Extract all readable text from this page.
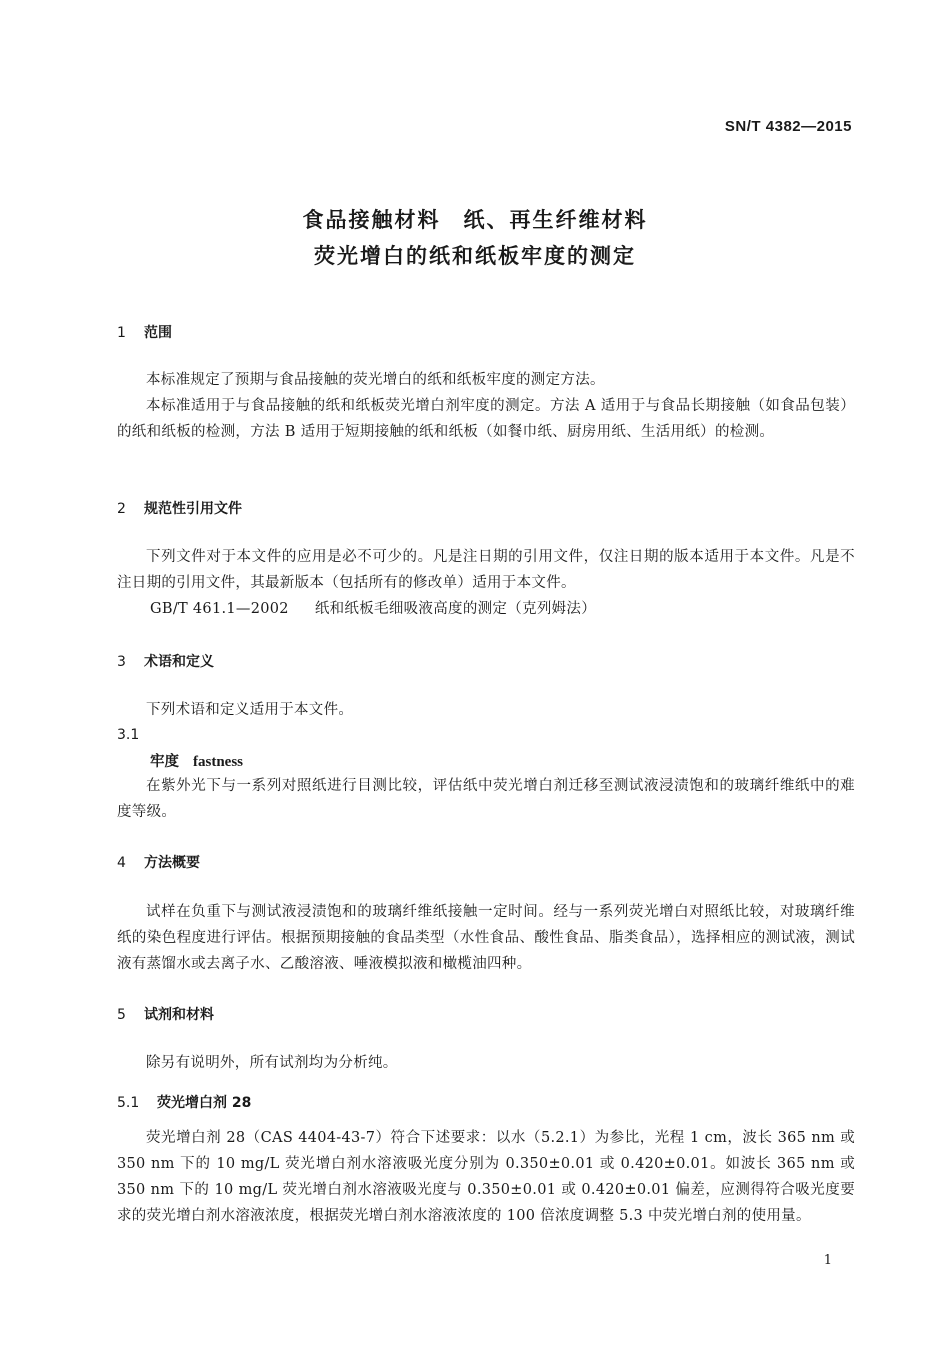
SN/T 4382—2015
食品接触材料　纸、再生纤维材料
荧光增白的纸和纸板牢度的测定
1 范围
本标准规定了预期与食品接触的荧光增白的纸和纸板牢度的测定方法。
本标准适用于与食品接触的纸和纸板荧光增白剂牢度的测定。方法 A 适用于与食品长期接触（如食品包装）的纸和纸板的检测，方法 B 适用于短期接触的纸和纸板（如餐巾纸、厨房用纸、生活用纸）的检测。
2 规范性引用文件
下列文件对于本文件的应用是必不可少的。凡是注日期的引用文件，仅注日期的版本适用于本文件。凡是不注日期的引用文件，其最新版本（包括所有的修改单）适用于本文件。
GB/T 461.1—2002 纸和纸板毛细吸液高度的测定（克列姆法）
3 术语和定义
下列术语和定义适用于本文件。
3.1
牢度 fastness
在紫外光下与一系列对照纸进行目测比较，评估纸中荧光增白剂迁移至测试液浸渍饱和的玻璃纤维纸中的难度等级。
4 方法概要
试样在负重下与测试液浸渍饱和的玻璃纤维纸接触一定时间。经与一系列荧光增白对照纸比较，对玻璃纤维纸的染色程度进行评估。根据预期接触的食品类型（水性食品、酸性食品、脂类食品），选择相应的测试液，测试液有蒸馏水或去离子水、乙酸溶液、唾液模拟液和橄榄油四种。
5 试剂和材料
除另有说明外，所有试剂均为分析纯。
5.1 荧光增白剂 28
荧光增白剂 28（CAS 4404-43-7）符合下述要求：以水（5.2.1）为参比，光程 1 cm，波长 365 nm 或 350 nm 下的 10 mg/L 荧光增白剂水溶液吸光度分别为 0.350±0.01 或 0.420±0.01。如波长 365 nm 或 350 nm 下的 10 mg/L 荧光增白剂水溶液吸光度与 0.350±0.01 或 0.420±0.01 偏差，应测得符合吸光度要求的荧光增白剂水溶液浓度，根据荧光增白剂水溶液浓度的 100 倍浓度调整 5.3 中荧光增白剂的使用量。
1
